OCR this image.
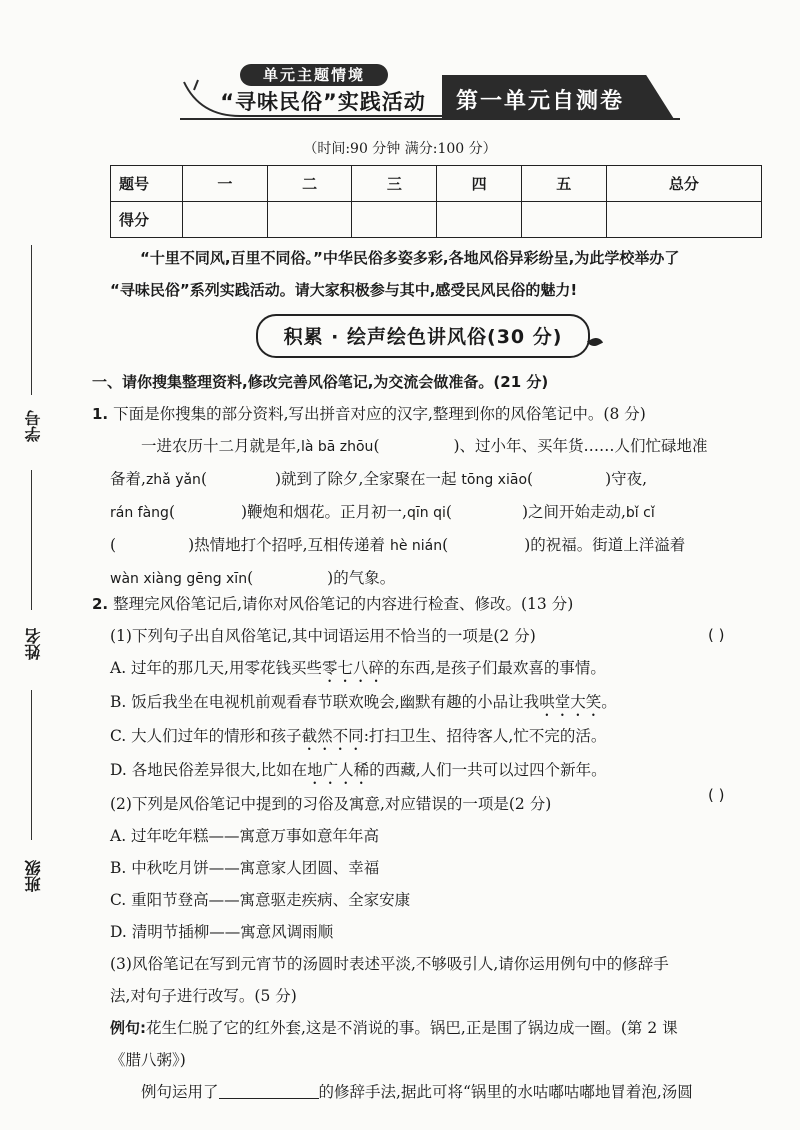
学号
姓名
班级
单元主题情境
“寻味民俗”实践活动	第一单元自测卷
（时间:90 分钟 满分:100 分）
题号	一	二	三	四	五	总分
得分						
“十里不同风,百里不同俗。”中华民俗多姿多彩,各地风俗异彩纷呈,为此学校举办了
“寻味民俗”系列实践活动。请大家积极参与其中,感受民风民俗的魅力!
积累 · 绘声绘色讲风俗(30 分)
一、请你搜集整理资料,修改完善风俗笔记,为交流会做准备。(21 分)
1. 下面是你搜集的部分资料,写出拼音对应的汉字,整理到你的风俗笔记中。(8 分)
一进农历十二月就是年,là bā zhōu(	)、过小年、买年货……人们忙碌地准
备着,zhǎ yǎn(	)就到了除夕,全家聚在一起 tōng xiāo(	)守夜,
rán fàng(	)鞭炮和烟花。正月初一,qīn qi(	)之间开始走动,bǐ cǐ
(	)热情地打个招呼,互相传递着 hè nián(	)的祝福。街道上洋溢着
wàn xiàng gēng xīn(	)的气象。
2. 整理完风俗笔记后,请你对风俗笔记的内容进行检查、修改。(13 分)
(1)下列句子出自风俗笔记,其中词语运用不恰当的一项是(2 分)
A. 过年的那几天,用零花钱买些零七八碎的东西,是孩子们最欢喜的事情。
B. 饭后我坐在电视机前观看春节联欢晚会,幽默有趣的小品让我哄堂大笑。
C. 大人们过年的情形和孩子截然不同:打扫卫生、招待客人,忙不完的活。
D. 各地民俗差异很大,比如在地广人稀的西藏,人们一共可以过四个新年。
(2)下列是风俗笔记中提到的习俗及寓意,对应错误的一项是(2 分)
A. 过年吃年糕——寓意万事如意年年高
B. 中秋吃月饼——寓意家人团圆、幸福
C. 重阳节登高——寓意驱走疾病、全家安康
D. 清明节插柳——寓意风调雨顺
(3)风俗笔记在写到元宵节的汤圆时表述平淡,不够吸引人,请你运用例句中的修辞手
法,对句子进行改写。(5 分)
例句:花生仁脱了它的红外套,这是不消说的事。锅巴,正是围了锅边成一圈。(第 2 课
《腊八粥》)
例句运用了	的修辞手法,据此可将“锅里的水咕嘟咕嘟地冒着泡,汤圆
( )
( )
